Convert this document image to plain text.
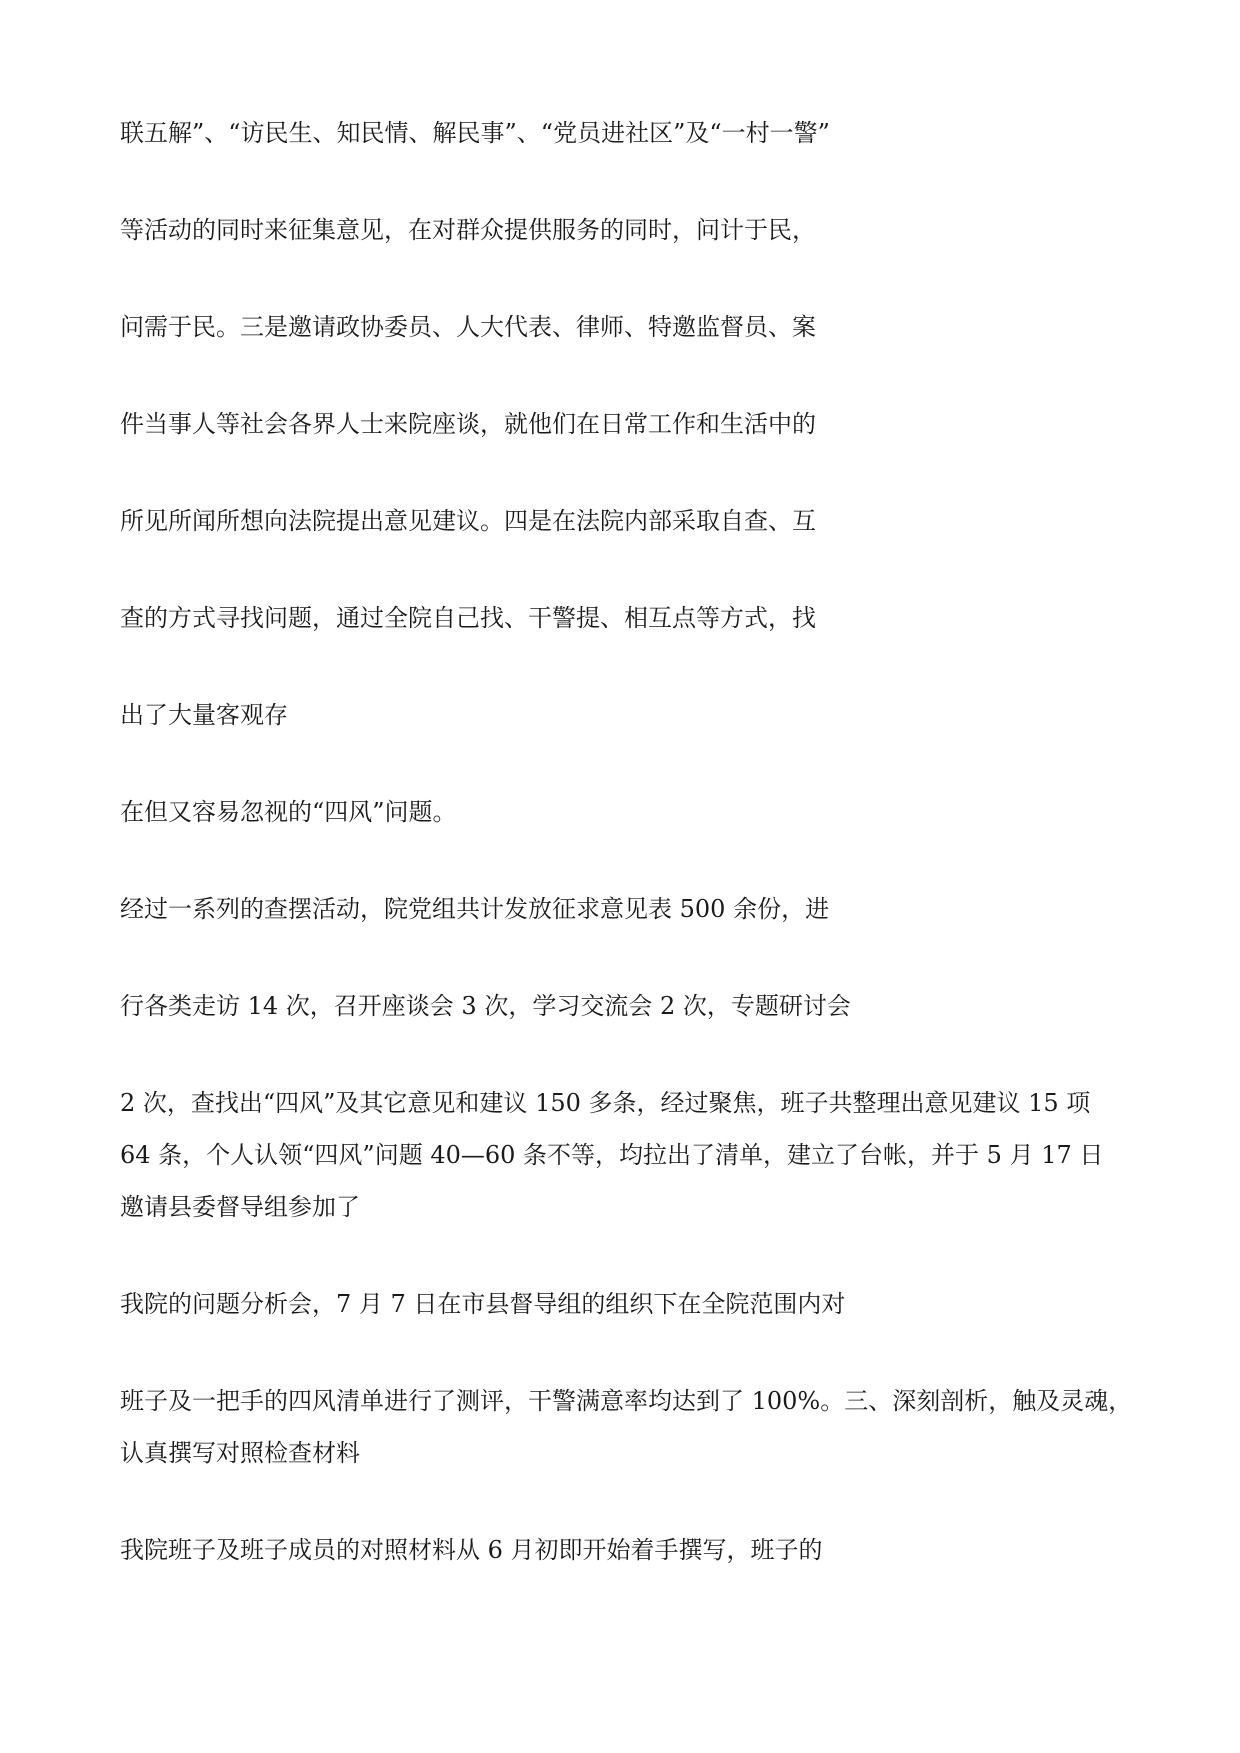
联五解”、“访民生、知民情、解民事”、“党员进社区”及“一村一警”

等活动的同时来征集意见，在对群众提供服务的同时，问计于民，

问需于民。三是邀请政协委员、人大代表、律师、特邀监督员、案

件当事人等社会各界人士来院座谈，就他们在日常工作和生活中的

所见所闻所想向法院提出意见建议。四是在法院内部采取自查、互

查的方式寻找问题，通过全院自己找、干警提、相互点等方式，找

出了大量客观存

在但又容易忽视的“四风”问题。

经过一系列的查摆活动，院党组共计发放征求意见表 500 余份，进

行各类走访 14 次，召开座谈会 3 次，学习交流会 2 次，专题研讨会

2 次，查找出“四风”及其它意见和建议 150 多条，经过聚焦，班子共整理出意见建议 15 项

64 条，个人认领“四风”问题 40—60 条不等，均拉出了清单，建立了台帐，并于 5 月 17 日

邀请县委督导组参加了

我院的问题分析会，7 月 7 日在市县督导组的组织下在全院范围内对

班子及一把手的四风清单进行了测评，干警满意率均达到了 100%。三、深刻剖析，触及灵魂，

认真撰写对照检查材料

我院班子及班子成员的对照材料从 6 月初即开始着手撰写，班子的
